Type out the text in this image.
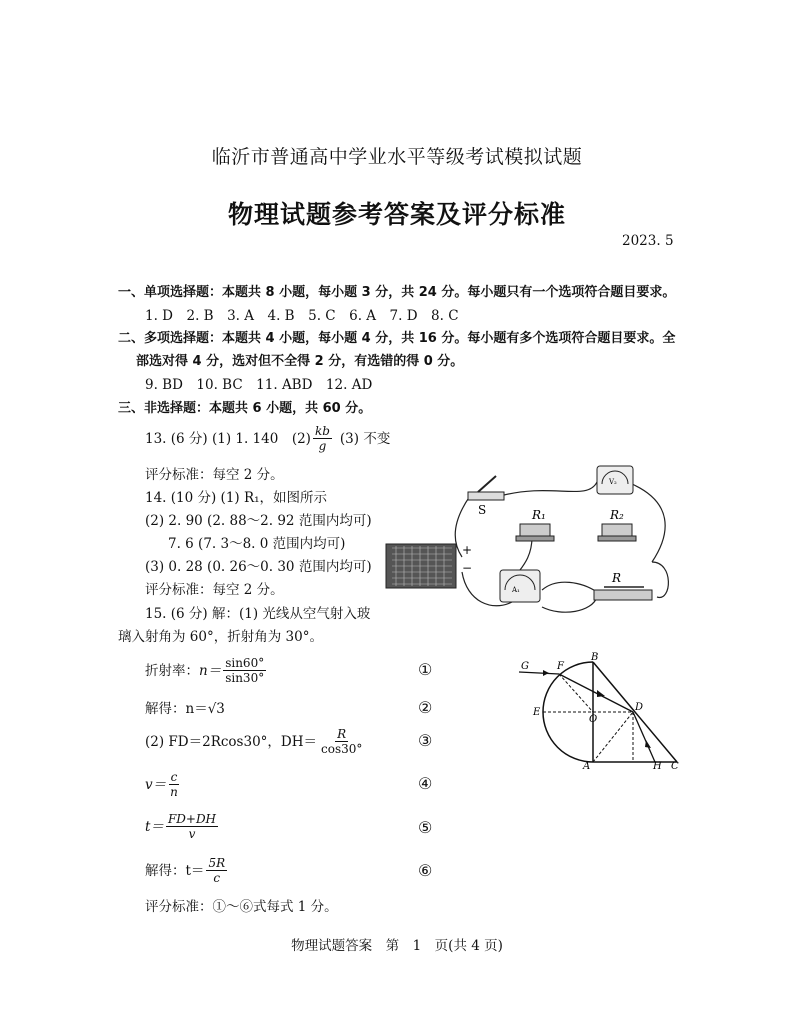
临沂市普通高中学业水平等级考试模拟试题
物理试题参考答案及评分标准
2023. 5
一、单项选择题：本题共 8 小题，每小题 3 分，共 24 分。每小题只有一个选项符合题目要求。
1. D　2. B　3. A　4. B　5. C　6. A　7. D　8. C
二、多项选择题：本题共 4 小题，每小题 4 分，共 16 分。每小题有多个选项符合题目要求。全
部选对得 4 分，选对但不全得 2 分，有选错的得 0 分。
9. BD　10. BC　11. ABD　12. AD
三、非选择题：本题共 6 小题，共 60 分。
13. (6 分) (1) 1. 140　$(2) \frac{kb}{g} (3)$ 不变
评分标准：每空 2 分。
14. (10 分) (1) R₁，如图所示
(2) 2. 90 (2. 88～2. 92 范围内均可)
7. 6 (7. 3～8. 0 范围内均可)
(3) 0. 28 (0. 26～0. 30 范围内均可)
评分标准：每空 2 分。
S
V₂
R₁	R₂
+
−
A₁
R
15. (6 分) 解：(1) 光线从空气射入玻
璃入射角为 60°，折射角为 30°。
折射率： $n= \frac{\sin 60^\circ}{\sin 30^\circ}$	①
解得：n＝√3	②
(2) FD＝2Rcos30°，$DH= \frac{R}{\cos 30^\circ}$	③
$v= \frac{c}{n}$	④
$t= \frac{FD+DH}{v}$	⑤
解得：$t= \frac{5R}{c}$	⑥
评分标准：①～⑥式每式 1 分。
G	F
B
E
O
D
A	H C
物理试题答案　第　1　页(共 4 页)
